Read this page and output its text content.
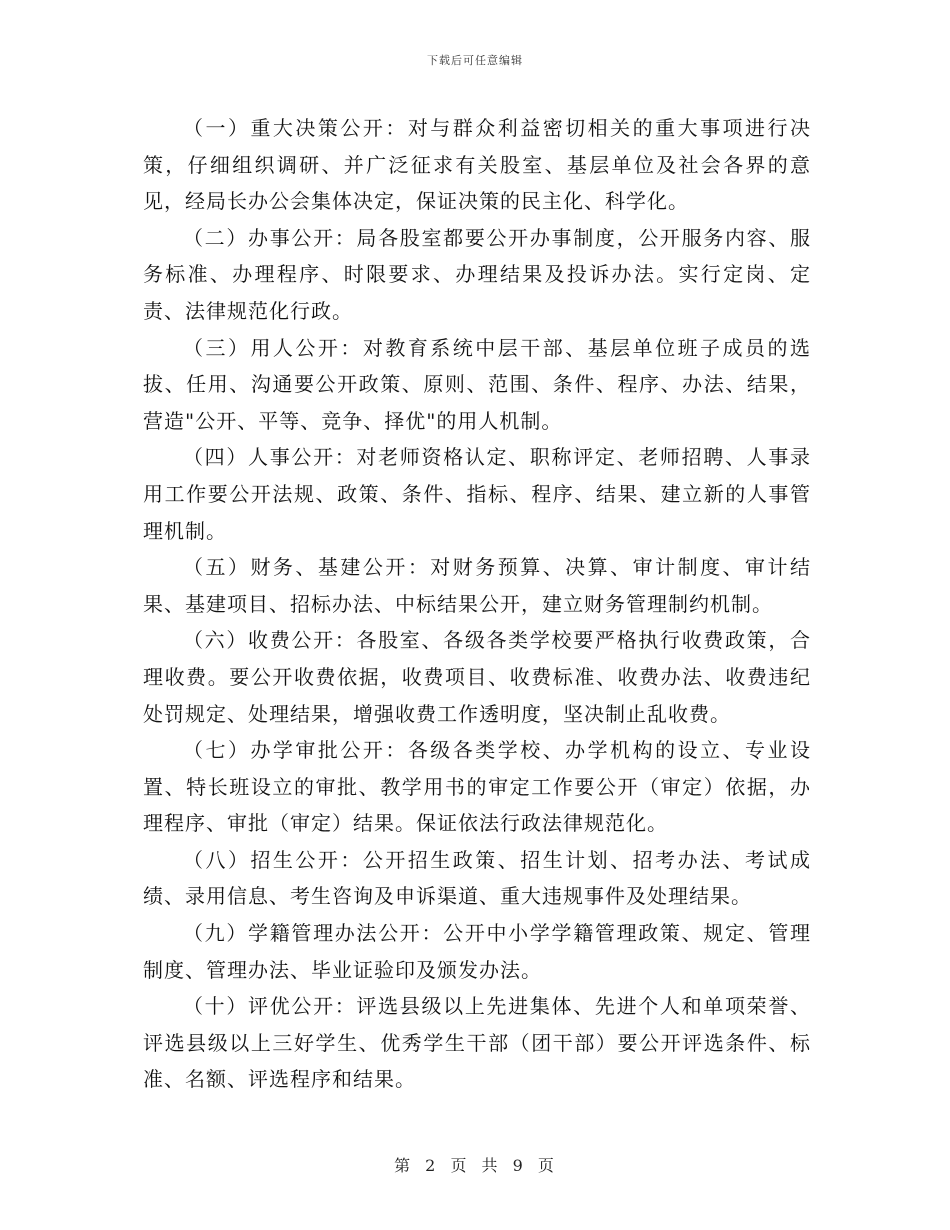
下载后可任意编辑

（一）重大决策公开：对与群众利益密切相关的重大事项进行决策，仔细组织调研、并广泛征求有关股室、基层单位及社会各界的意见，经局长办公会集体决定，保证决策的民主化、科学化。

（二）办事公开：局各股室都要公开办事制度，公开服务内容、服务标准、办理程序、时限要求、办理结果及投诉办法。实行定岗、定责、法律规范化行政。

（三）用人公开：对教育系统中层干部、基层单位班子成员的选拔、任用、沟通要公开政策、原则、范围、条件、程序、办法、结果，营造"公开、平等、竞争、择优"的用人机制。

（四）人事公开：对老师资格认定、职称评定、老师招聘、人事录用工作要公开法规、政策、条件、指标、程序、结果、建立新的人事管理机制。

（五）财务、基建公开：对财务预算、决算、审计制度、审计结果、基建项目、招标办法、中标结果公开，建立财务管理制约机制。

（六）收费公开：各股室、各级各类学校要严格执行收费政策，合理收费。要公开收费依据，收费项目、收费标准、收费办法、收费违纪处罚规定、处理结果，增强收费工作透明度，坚决制止乱收费。

（七）办学审批公开：各级各类学校、办学机构的设立、专业设置、特长班设立的审批、教学用书的审定工作要公开（审定）依据，办理程序、审批（审定）结果。保证依法行政法律规范化。

（八）招生公开：公开招生政策、招生计划、招考办法、考试成绩、录用信息、考生咨询及申诉渠道、重大违规事件及处理结果。

（九）学籍管理办法公开：公开中小学学籍管理政策、规定、管理制度、管理办法、毕业证验印及颁发办法。

（十）评优公开：评选县级以上先进集体、先进个人和单项荣誉、评选县级以上三好学生、优秀学生干部（团干部）要公开评选条件、标准、名额、评选程序和结果。

第 2 页 共 9 页
